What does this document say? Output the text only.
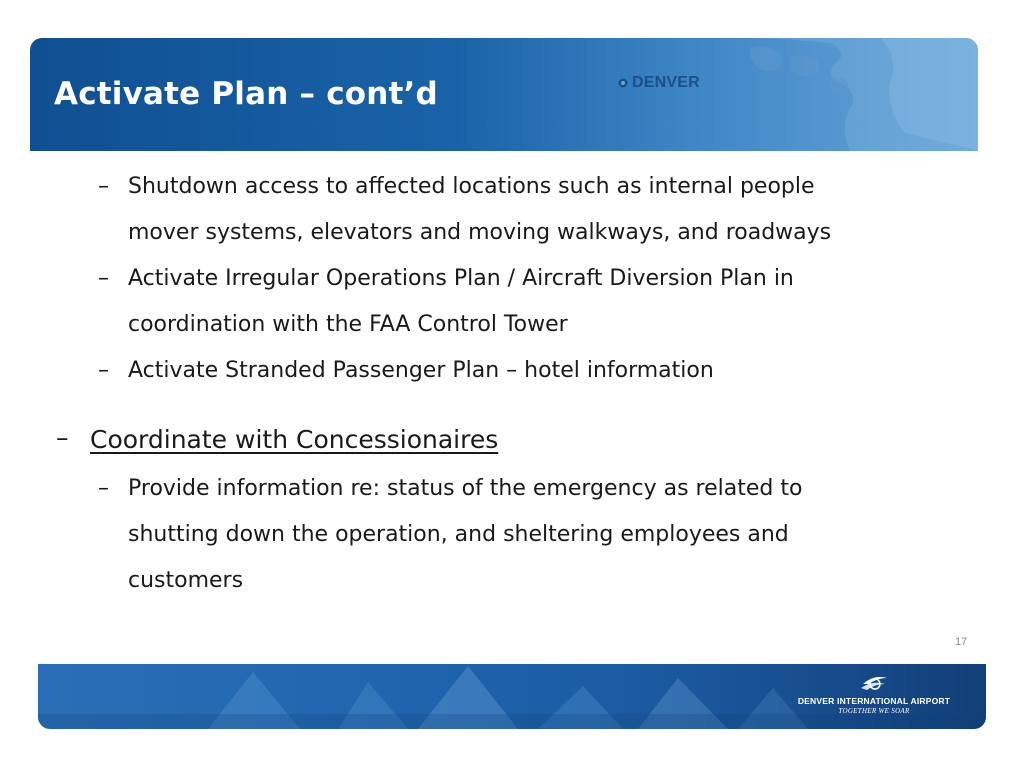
Activate Plan – cont’d	DENVER
– Shutdown access to affected locations such as internal people
mover systems, elevators and moving walkways, and roadways
– Activate Irregular Operations Plan / Aircraft Diversion Plan in
coordination with the FAA Control Tower
– Activate Stranded Passenger Plan – hotel information
– Coordinate with Concessionaires
– Provide information re: status of the emergency as related to
shutting down the operation, and sheltering employees and
customers
17
DENVER INTERNATIONAL AIRPORT
TOGETHER WE SOAR
